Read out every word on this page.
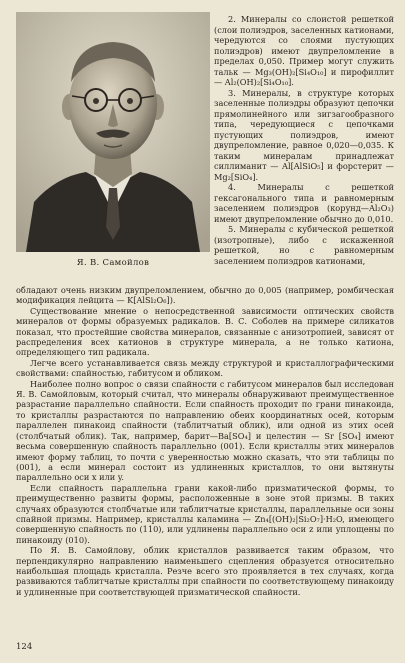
Я. В. Самойлов

2. Минералы со слоистой решеткой (слои полиэдров, заселенных катионами, чередуются со слоями пустующих полиэдров) имеют двупреломление в пределах 0,050. Пример могут служить тальк — Mg₃(OH)₂[Si₄O₁₀] и пирофиллит — Al₂(OH)₂[Si₄O₁₀].

3. Минералы, в структуре которых заселенные полиэдры образуют цепочки прямолинейного или зигзагообразного типа, чередующиеся с цепочками пустующих полиэдров, имеют двупреломление, равное 0,020—0,035. К таким минералам принадлежат силлиманит — Al[AlSiO₅] и форстерит — Mg₂[SiO₄].

4. Минералы с решеткой гексагонального типа и равномерным заселением полиэдров (корунд—Al₂O₃) имеют двупреломление обычно до 0,010.

5. Минералы с кубической решеткой (изотропные), либо с искаженной решеткой, но с равномерным заселением полиэдров катионами,

обладают очень низким двупреломлением, обычно до 0,005 (например, ромбическая модификация лейцита — K[AlSi₂O₆]).

Существование мнение о непосредственной зависимости оптических свойств минералов от формы образуемых радикалов. В. С. Соболев на примере силикатов показал, что простейшие свойства минералов, связанные с анизотропией, зависят от распределения всех катионов в структуре минерала, а не только катиона, определяющего тип радикала.

Легче всего устанавливается связь между структурой и кристаллографическими свойствами: спайностью, габитусом и обликом.

Наиболее полно вопрос о связи спайности с габитусом минералов был исследован Я. В. Самойловым, который считал, что минералы обнаруживают преимущественное разрастание параллельно спайности. Если спайность проходит по грани пинакоида, то кристаллы разрастаются по направлению обеих координатных осей, которым параллелен пинакоид спайности (таблитчатый облик), или одной из этих осей (столбчатый облик). Так, например, барит—Ba[SO₄] и целестин — Sr [SO₄] имеют весьма совершенную спайность параллельно (001). Если кристаллы этих минералов имеют форму таблиц, то почти с уверенностью можно сказать, что эти таблицы по (001), а если минерал состоит из удлиненных кристаллов, то они вытянуты параллельно оси x или y.

Если спайность параллельна грани какой-либо призматической формы, то преимущественно развиты формы, расположенные в зоне этой призмы. В таких случаях образуются столбчатые или таблитчатые кристаллы, параллельные оси зоны спайной призмы. Например, кристаллы каламина — Zn₄[(OH)₂|Si₂O₇]·H₂O, имеющего совершенную спайность по (110), или удлинены параллельно оси z или уплощены по пинакоиду (010).

По Я. В. Самойлову, облик кристаллов развивается таким образом, что перпендикулярно направлению наименьшего сцепления образуется относительно наибольшая площадь кристалла. Резче всего это проявляется в тех случаях, когда развиваются таблитчатые кристаллы при спайности по соответствующему пинакоиду и удлиненные при соответствующей призматической спайности.

124
